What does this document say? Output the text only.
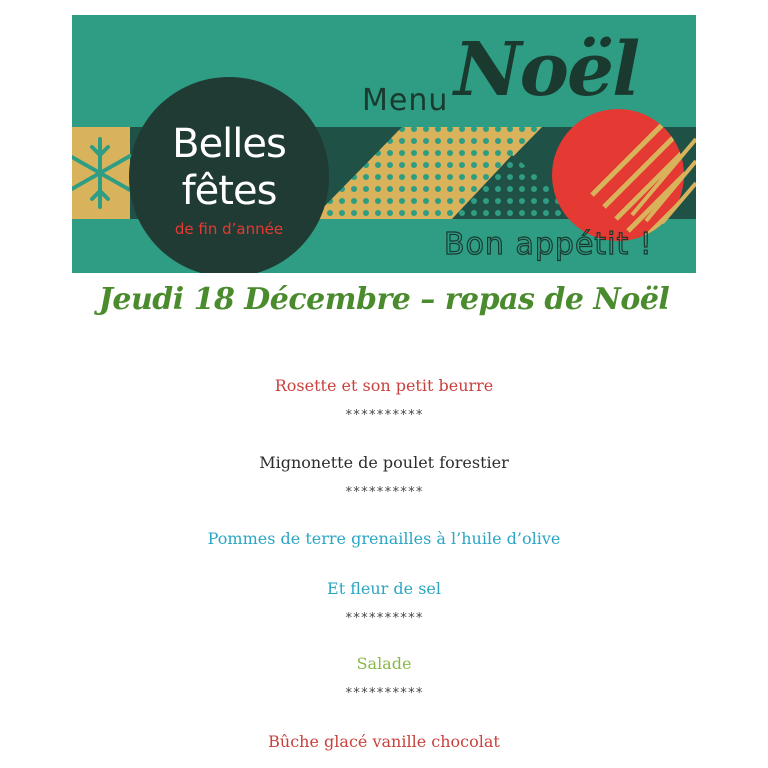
Belles
fêtes
de fin d’année
Menu Noël
Bon appétit !
Jeudi 18 Décembre – repas de Noël
Rosette et son petit beurre
**********
Mignonette de poulet forestier
**********
Pommes de terre grenailles à l’huile d’olive
Et fleur de sel
**********
Salade
**********
Bûche glacé vanille chocolat
